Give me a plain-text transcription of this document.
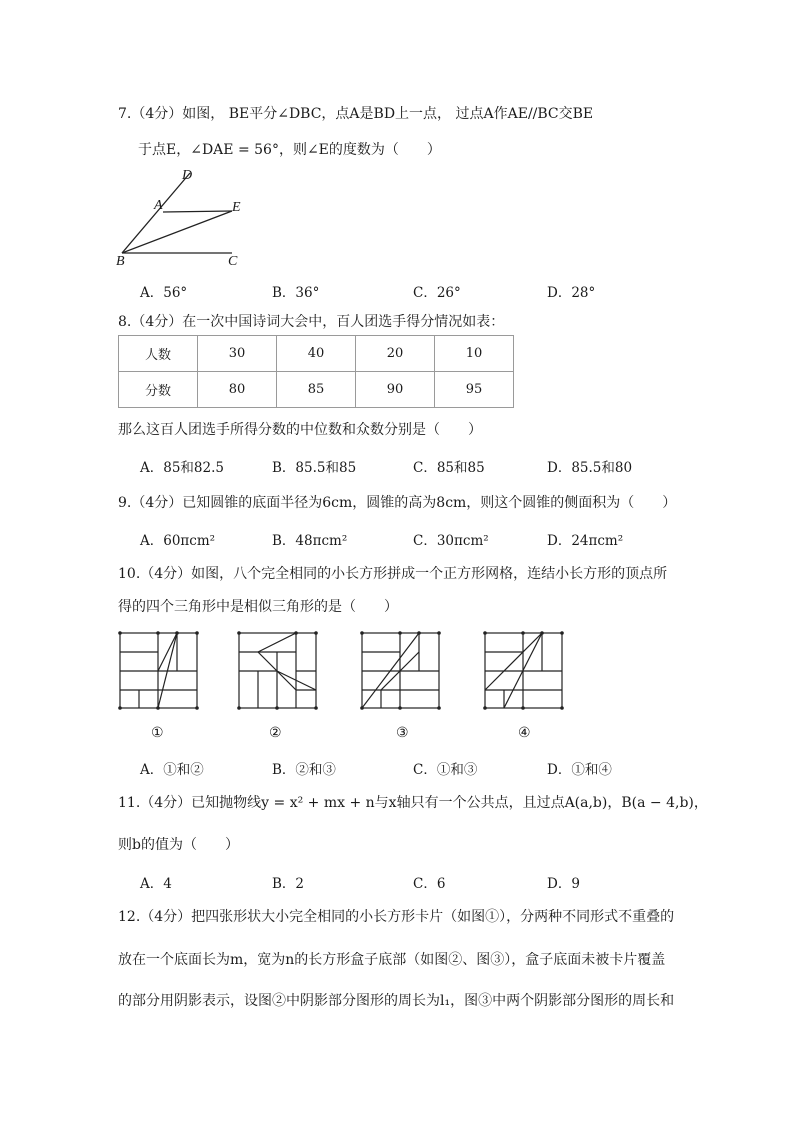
7.（4分）如图， BE平分∠DBC，点A是BD上一点， 过点A作AE//BC交BE
于点E，∠DAE = 56°，则∠E的度数为（　　）
D
A	E
B	C
A．56°	B．36°	C．26°	D．28°
8.（4分）在一次中国诗词大会中，百人团选手得分情况如表：
人数	30	40	20	10
分数	80	85	90	95
那么这百人团选手所得分数的中位数和众数分别是（　　）
A．85和82.5	B．85.5和85	C．85和85	D．85.5和80
9.（4分）已知圆锥的底面半径为6cm，圆锥的高为8cm，则这个圆锥的侧面积为（　　）
A．60πcm²	B．48πcm²	C．30πcm²	D．24πcm²
10.（4分）如图，八个完全相同的小长方形拼成一个正方形网格，连结小长方形的顶点所
得的四个三角形中是相似三角形的是（　　）
①	②	③	④
A．①和②	B．②和③	C．①和③	D．①和④
11.（4分）已知抛物线y = x² + mx + n与x轴只有一个公共点，且过点A(a,b)，B(a − 4,b)，
则b的值为（　　）
A．4	B．2	C．6	D．9
12.（4分）把四张形状大小完全相同的小长方形卡片（如图①），分两种不同形式不重叠的
放在一个底面长为m，宽为n的长方形盒子底部（如图②、图③），盒子底面未被卡片覆盖
的部分用阴影表示，设图②中阴影部分图形的周长为l₁，图③中两个阴影部分图形的周长和
